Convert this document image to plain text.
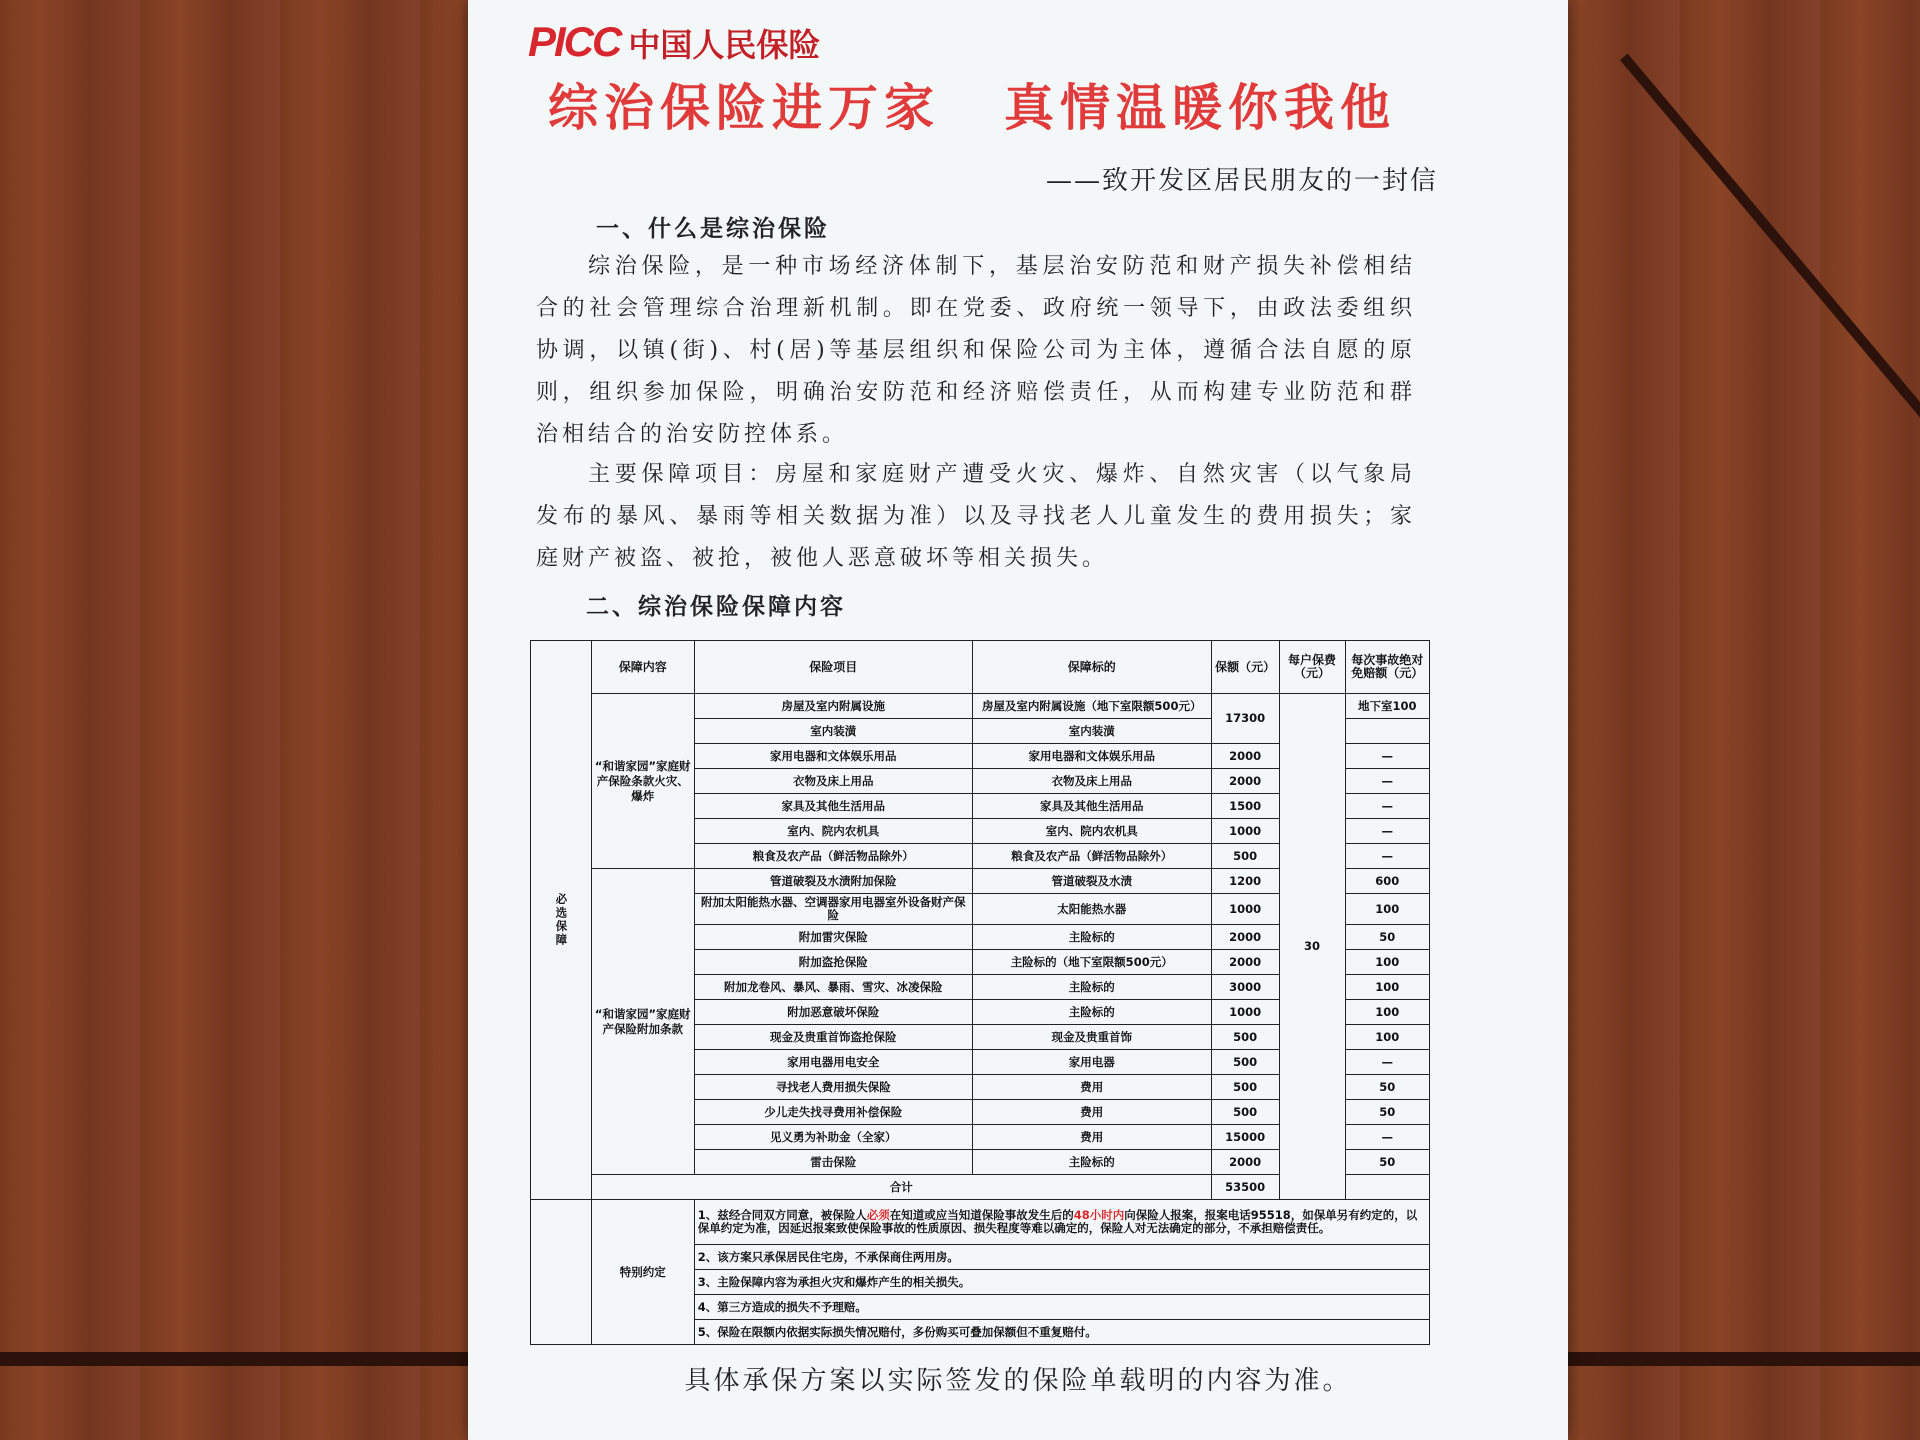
PICC 中国人民保险
综治保险进万家 真情温暖你我他
——致开发区居民朋友的一封信
一、什么是综治保险
综治保险，是一种市场经济体制下，基层治安防范和财产损失补偿相结合的社会管理综合治理新机制。即在党委、政府统一领导下，由政法委组织协调，以镇(街)、村(居)等基层组织和保险公司为主体，遵循合法自愿的原则，组织参加保险，明确治安防范和经济赔偿责任，从而构建专业防范和群治相结合的治安防控体系。
主要保障项目：房屋和家庭财产遭受火灾、爆炸、自然灾害（以气象局发布的暴风、暴雨等相关数据为准）以及寻找老人儿童发生的费用损失；家庭财产被盗、被抢，被他人恶意破坏等相关损失。
二、综治保险保障内容
必选保障	保障内容	保险项目	保障标的	保额（元）	每户保费（元）	每次事故绝对免赔额（元）
	“和谐家园”家庭财产保险条款火灾、爆炸	房屋及室内附属设施	房屋及室内附属设施（地下室限额500元）	17300	30	地下室100
		室内装潢	室内装潢			
		家用电器和文体娱乐用品	家用电器和文体娱乐用品	2000		—
		衣物及床上用品	衣物及床上用品	2000		—
		家具及其他生活用品	家具及其他生活用品	1500		—
		室内、院内农机具	室内、院内农机具	1000		—
		粮食及农产品（鲜活物品除外）	粮食及农产品（鲜活物品除外）	500		—
	“和谐家园”家庭财产保险附加条款	管道破裂及水渍附加保险	管道破裂及水渍	1200		600
		附加太阳能热水器、空调器家用电器室外设备财产保险	太阳能热水器	1000		100
		附加雷灾保险	主险标的	2000		50
		附加盗抢保险	主险标的（地下室限额500元）	2000		100
		附加龙卷风、暴风、暴雨、雪灾、冰凌保险	主险标的	3000		100
		附加恶意破坏保险	主险标的	1000		100
		现金及贵重首饰盗抢保险	现金及贵重首饰	500		100
		家用电器用电安全	家用电器	500		—
		寻找老人费用损失保险	费用	500		50
		少儿走失找寻费用补偿保险	费用	500		50
		见义勇为补助金（全家）	费用	15000		—
		雷击保险	主险标的	2000		50
	合计			53500		
	特别约定	1、兹经合同双方同意，被保险人必须在知道或应当知道保险事故发生后的48小时内向保险人报案，报案电话95518，如保单另有约定的，以保单约定为准，因延迟报案致使保险事故的性质原因、损失程度等难以确定的，保险人对无法确定的部分，不承担赔偿责任。				
		2、该方案只承保居民住宅房，不承保商住两用房。				
		3、主险保障内容为承担火灾和爆炸产生的相关损失。				
		4、第三方造成的损失不予理赔。				
		5、保险在限额内依据实际损失情况赔付，多份购买可叠加保额但不重复赔付。				
具体承保方案以实际签发的保险单载明的内容为准。
